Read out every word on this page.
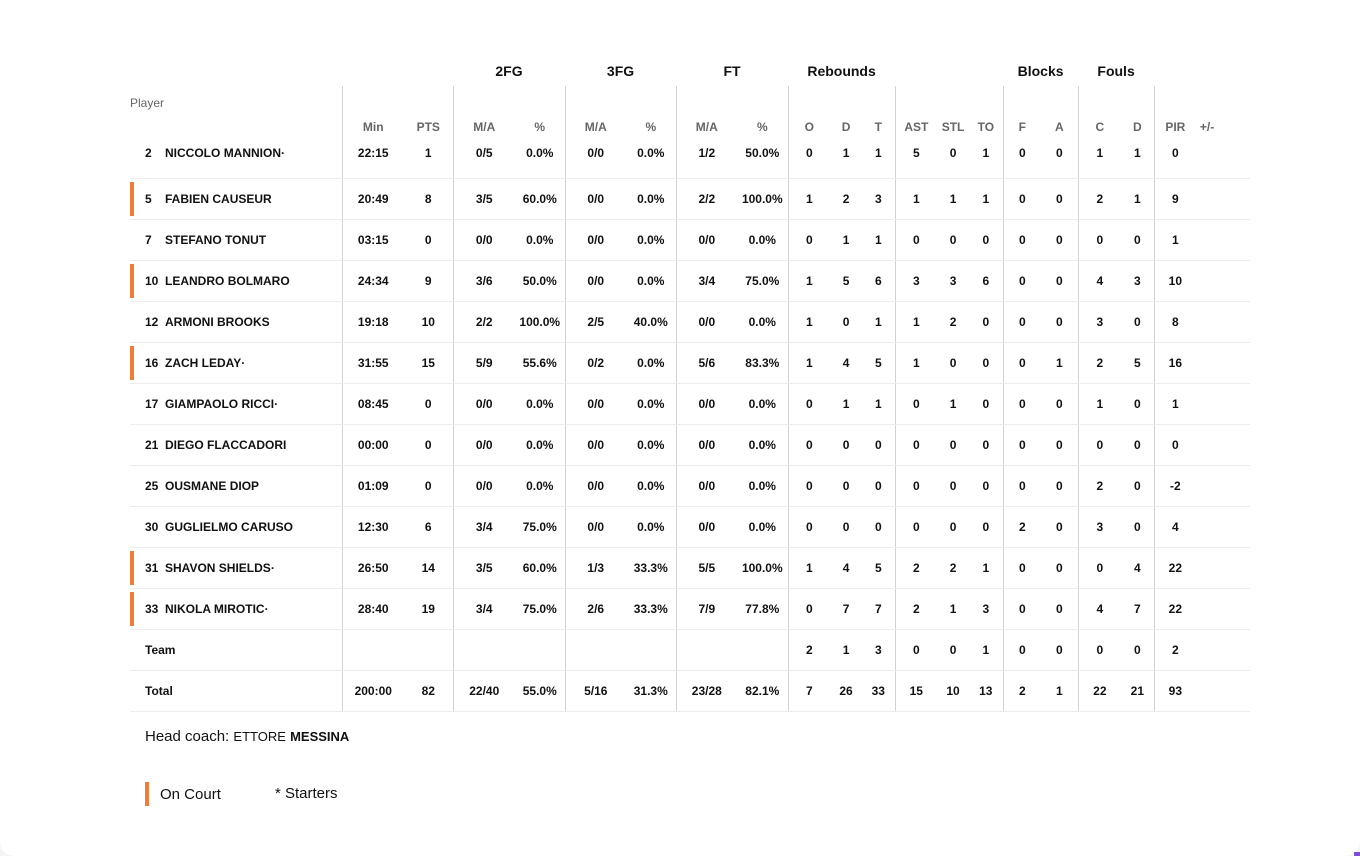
			2FG		3FG		FT		Rebounds						Blocks		Fouls				
Player	Min	PTS	M/A	%	M/A	%	M/A	%	O	D	T	AST	STL	TO	F	A	C	D	PIR	+/-	
2 NICCOLO MANNION·	22:15	1	0/5	0.0%	0/0	0.0%	1/2	50.0%	0	1	1	5	0	1	0	0	1	1	0		
5 FABIEN CAUSEUR	20:49	8	3/5	60.0%	0/0	0.0%	2/2	100.0%	1	2	3	1	1	1	0	0	2	1	9		
7 STEFANO TONUT	03:15	0	0/0	0.0%	0/0	0.0%	0/0	0.0%	0	1	1	0	0	0	0	0	0	0	1		
10 LEANDRO BOLMARO	24:34	9	3/6	50.0%	0/0	0.0%	3/4	75.0%	1	5	6	3	3	6	0	0	4	3	10		
12 ARMONI BROOKS	19:18	10	2/2	100.0%	2/5	40.0%	0/0	0.0%	1	0	1	1	2	0	0	0	3	0	8		
16 ZACH LEDAY·	31:55	15	5/9	55.6%	0/2	0.0%	5/6	83.3%	1	4	5	1	0	0	0	1	2	5	16		
17 GIAMPAOLO RICCI·	08:45	0	0/0	0.0%	0/0	0.0%	0/0	0.0%	0	1	1	0	1	0	0	0	1	0	1		
21 DIEGO FLACCADORI	00:00	0	0/0	0.0%	0/0	0.0%	0/0	0.0%	0	0	0	0	0	0	0	0	0	0	0		
25 OUSMANE DIOP	01:09	0	0/0	0.0%	0/0	0.0%	0/0	0.0%	0	0	0	0	0	0	0	0	2	0	-2		
30 GUGLIELMO CARUSO	12:30	6	3/4	75.0%	0/0	0.0%	0/0	0.0%	0	0	0	0	0	0	2	0	3	0	4		
31 SHAVON SHIELDS·	26:50	14	3/5	60.0%	1/3	33.3%	5/5	100.0%	1	4	5	2	2	1	0	0	0	4	22		
33 NIKOLA MIROTIC·	28:40	19	3/4	75.0%	2/6	33.3%	7/9	77.8%	0	7	7	2	1	3	0	0	4	7	22		
Team									2	1	3	0	0	1	0	0	0	0	2		
Total	200:00	82	22/40	55.0%	5/16	31.3%	23/28	82.1%	7	26	33	15	10	13	2	1	22	21	93		
Head coach: ETTORE MESSINA
On Court	* Starters
